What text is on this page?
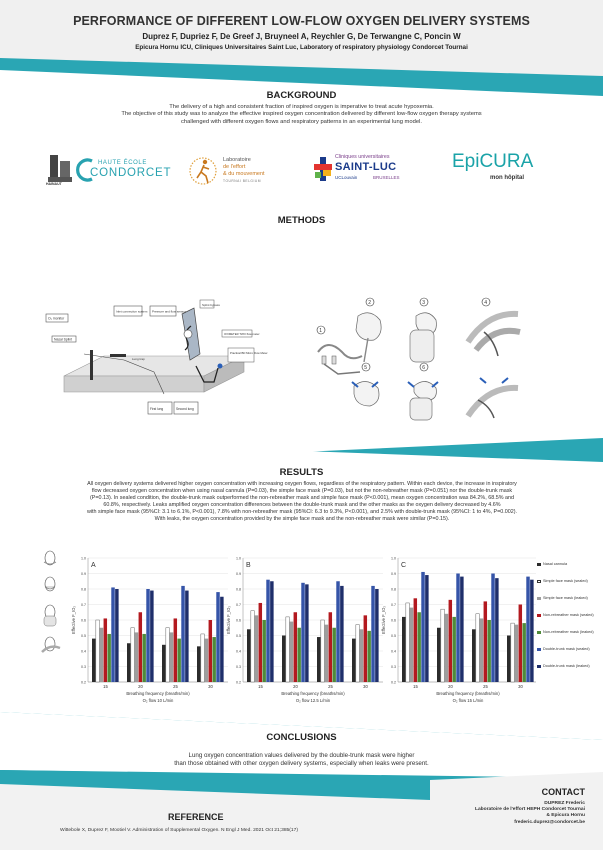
PERFORMANCE OF DIFFERENT LOW-FLOW OXYGEN DELIVERY SYSTEMS
Duprez F, Dupriez F, De Greef J, Bruyneel A, Reychler G, De Terwangne C, Poncin W
Epicura Hornu ICU, Cliniques Universitaires Saint Luc, Laboratory of respiratory physiology Condorcet Tournai
BACKGROUND
The delivery of a high and consistent fraction of inspired oxygen is imperative to treat acute hypoxemia.
The objective of this study was to analyze the effective inspired oxygen concentration delivered by different low-flow oxygen therapy systems
challenged with different oxygen flows and respiratory patterns in an experimental lung model.
HAINAUT
HAUTE ÉCOLE
CONDORCET
Laboratoire
de l'effort
& du mouvement
TOURNAI BELGIUM
Cliniques universitaires
SAINT-LUC
UCLouvain	BRUXELLES
EpiCURA
mon hôpital
METHODS
An adult lung model ventilated in volume control mode simulated different respiratory patterns to obtain mean inspiratory flow of 22.5, 30, 37.5, or 45L/min.
The oxygen concentration sampled inside the lung model by nasal cannula, simple face mask, non-rebreather mask, and double trunk mask above nasal
cannula tested at oxygen flows of 10, 12.5 and 15L/min, was quantified.
The three masks were sealed tight onto the model's airway opening. They were also tested with standardized leaks to determine their clinical performance.
O₂ monitor
Inlet connection system Pressure and flow sensor
Nasal Splint
Splint bypass
OXIMETER TWO flow meter
Practical BD Micro Flow Meter
First lung	Second lung
Lung trap
1
2	3	4
5	6
RESULTS
All oxygen delivery systems delivered higher oxygen concentration with increasing oxygen flows, regardless of the respiratory pattern. Within each device, the increase in inspiratory
flow decreased oxygen concentration when using nasal cannula (P=0.03), the simple face mask (P=0.03), but not the non-rebreather mask (P=0.051) nor the double-trunk mask
(P=0.13). In sealed condition, the double-trunk mask outperformed the non-rebreather mask and simple face mask (P<0.001), mean oxygen concentration was 84.2%, 68.5% and
60.8%, respectively. Leaks amplified oxygen concentration differences between the double-trunk mask and the other masks as the oxygen delivery decreased by 4.6%
with simple face mask (95%CI: 3.1 to 6.1%, P<0.001), 7.8% with non-rebreather mask (95%CI: 6.3 to 9.3%, P<0.001), and 2.5% with double-trunk mask (95%CI: 1 to 4%, P=0.002).
With leaks, the oxygen concentration provided by the simple face mask and the non-rebreather mask were similar (P=0.15).
0.2
0.3
0.4
0.5
0.6
0.7
0.8
0.9
1.0
A
Effective F_IO₂
15	20	25	30
Breathing frequency (breaths/min)
O₂ flow 10 L/min
0.2
0.3
0.4
0.5
0.6
0.7
0.8
0.9
1.0
B
Effective F_IO₂
15	20	25	30
Breathing frequency (breaths/min)
O₂ flow 12.5 L/min
0.2
0.3
0.4
0.5
0.6
0.7
0.8
0.9
1.0
C
Effective F_IO₂
15	20	25	30
Breathing frequency (breaths/min)
O₂ flow 15 L/min
Nasal cannula
Simple face mask (sealed)
Simple face mask (leaked)
Non-rebreather mask (sealed)
Non-rebreather mask (leaked)
Double-trunk mask (sealed)
Double-trunk mask (leaked)
CONCLUSIONS
Lung oxygen concentration values delivered by the double-trunk mask were higher
than those obtained with other oxygen delivery systems, especially when leaks were present.
CONTACT
DUPREZ Frederic
Laboratoire de l'effort HEPH Condorcet Tournai
& Epicura Hornu
frederic.duprez@condorcet.be
REFERENCE
Wittebole X, Duprez F, Mootiel V. Administration of Supplemental Oxygen. N Engl J Med. 2021 Oct 21;385(17)
